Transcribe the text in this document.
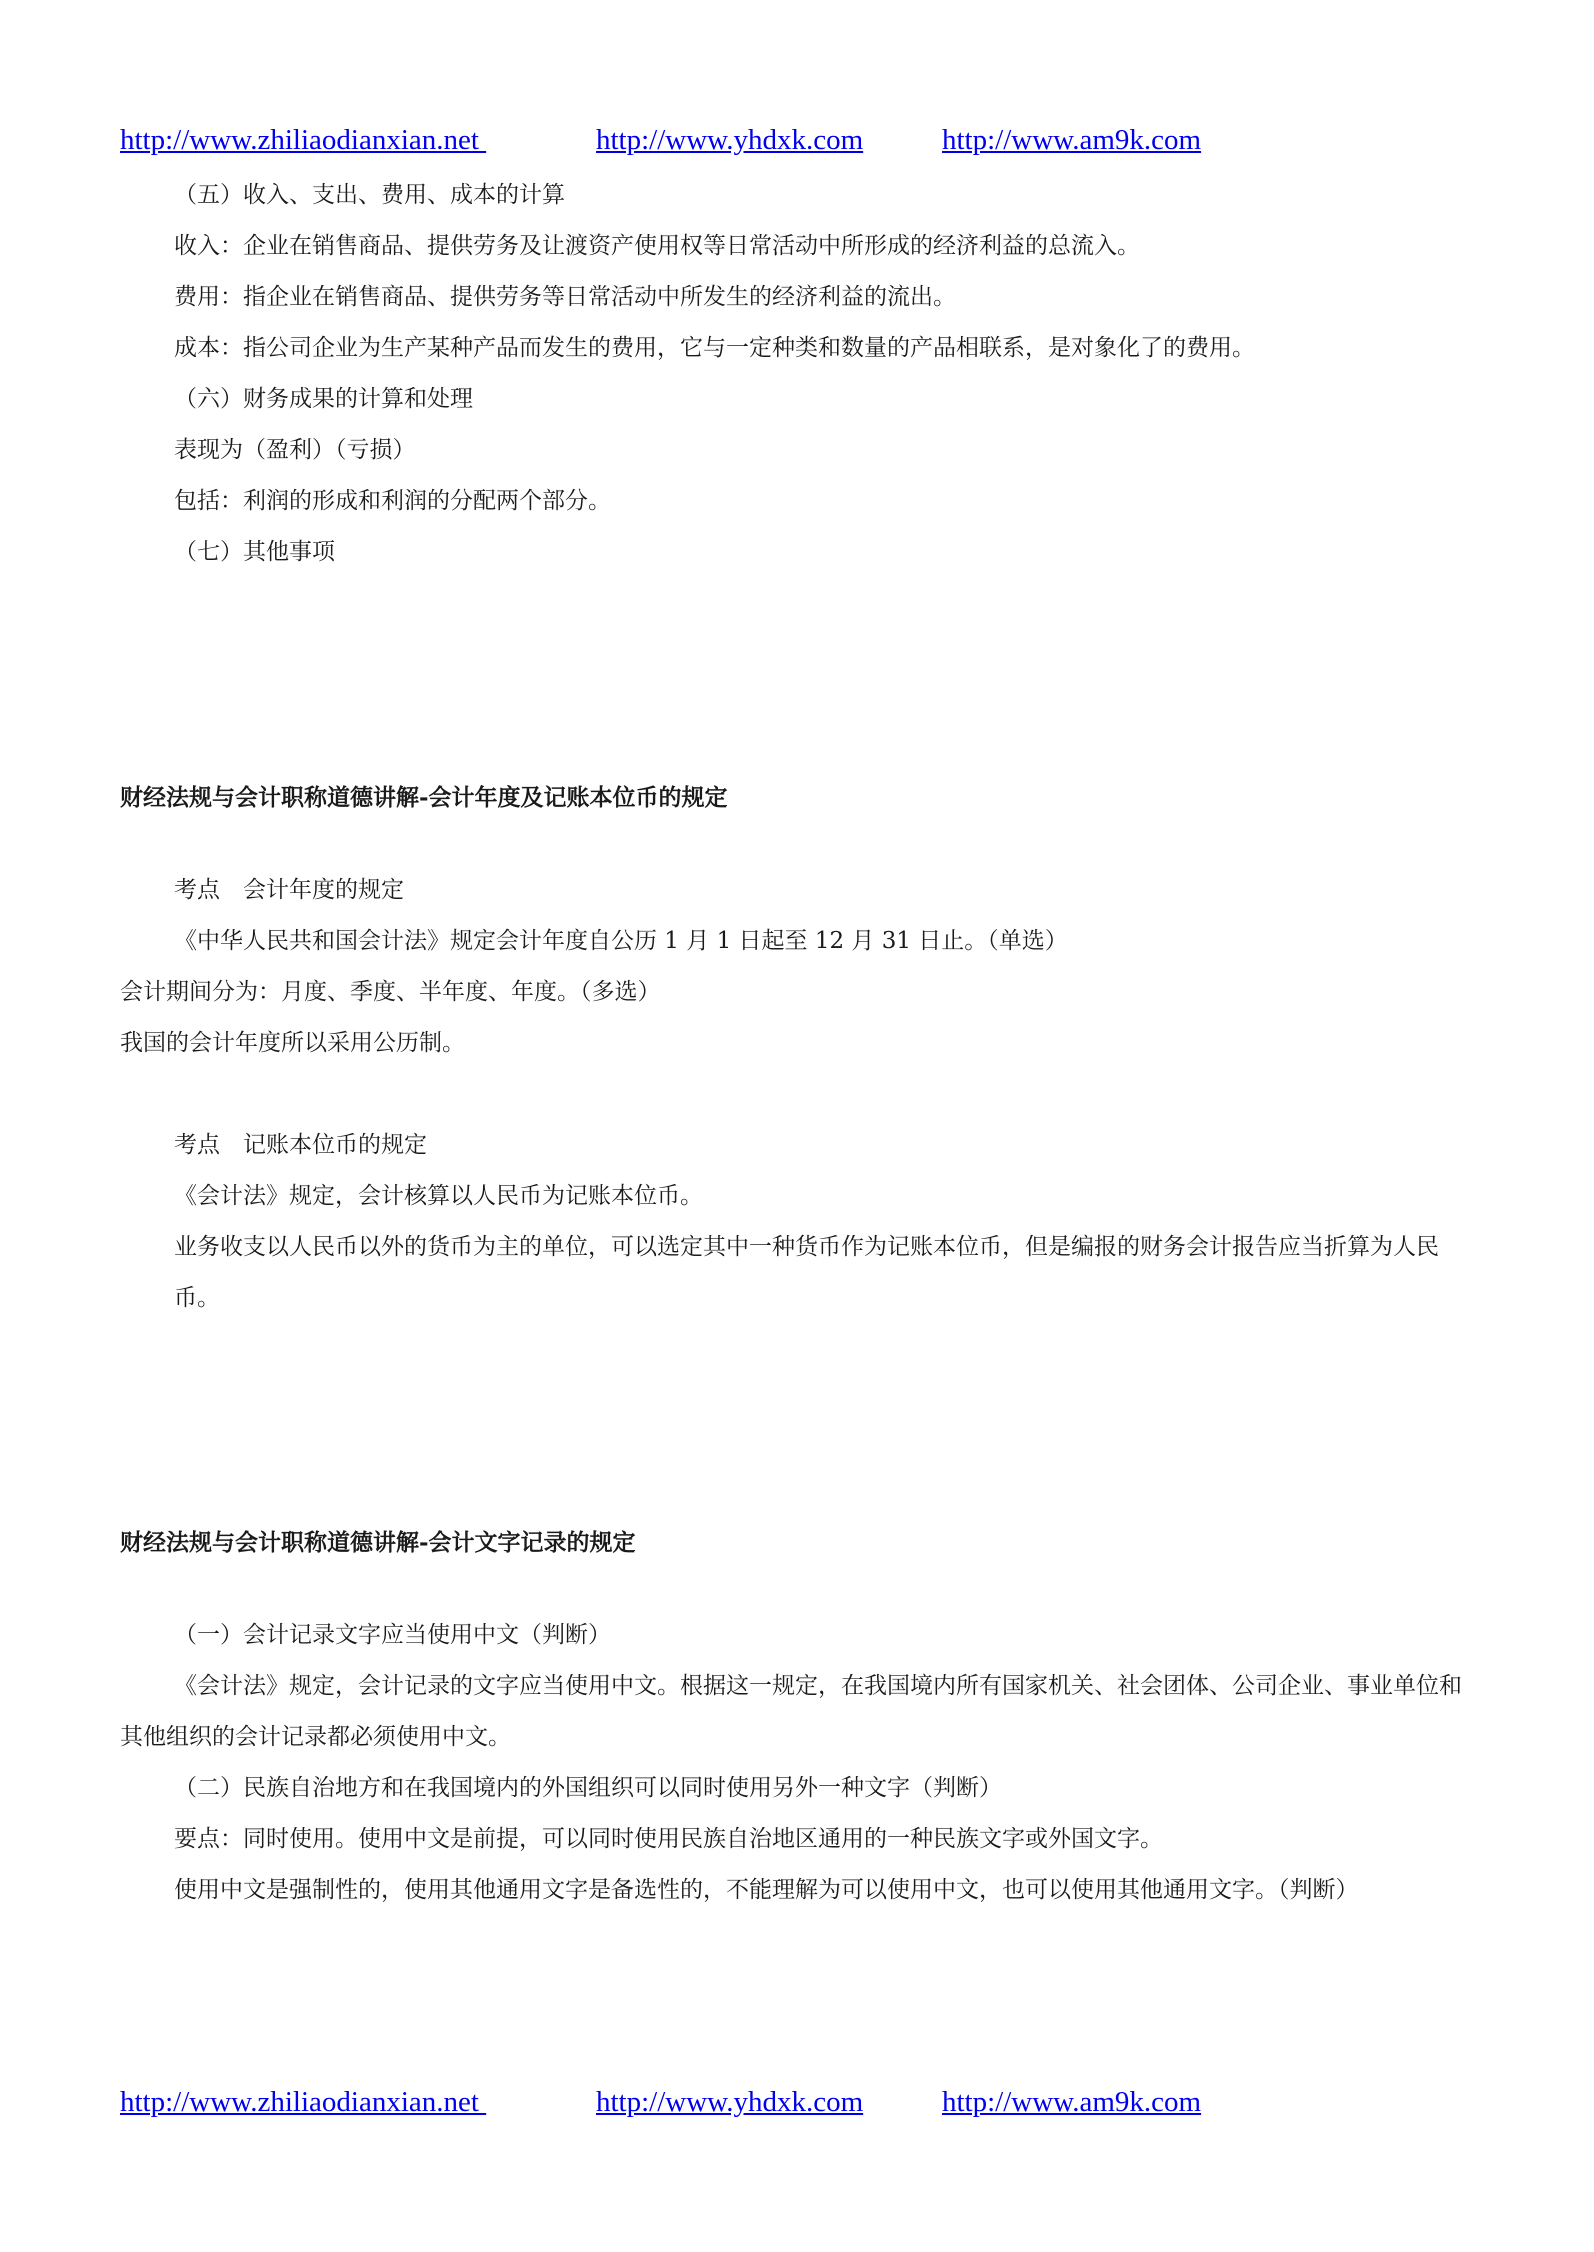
http://www.zhiliaodianxian.net	http://www.yhdxk.com	http://www.am9k.com
（五）收入、支出、费用、成本的计算
收入：企业在销售商品、提供劳务及让渡资产使用权等日常活动中所形成的经济利益的总流入。
费用：指企业在销售商品、提供劳务等日常活动中所发生的经济利益的流出。
成本：指公司企业为生产某种产品而发生的费用，它与一定种类和数量的产品相联系，是对象化了的费用。
（六）财务成果的计算和处理
表现为（盈利）（亏损）
包括：利润的形成和利润的分配两个部分。
（七）其他事项
财经法规与会计职称道德讲解-会计年度及记账本位币的规定
考点　会计年度的规定
《中华人民共和国会计法》规定会计年度自公历 1 月 1 日起至 12 月 31 日止。（单选）
会计期间分为：月度、季度、半年度、年度。（多选）
我国的会计年度所以采用公历制。
考点　记账本位币的规定
《会计法》规定，会计核算以人民币为记账本位币。
业务收支以人民币以外的货币为主的单位，可以选定其中一种货币作为记账本位币，但是编报的财务会计报告应当折算为人民币。
财经法规与会计职称道德讲解-会计文字记录的规定
（一）会计记录文字应当使用中文（判断）
《会计法》规定，会计记录的文字应当使用中文。根据这一规定，在我国境内所有国家机关、社会团体、公司企业、事业单位和其他组织的会计记录都必须使用中文。
（二）民族自治地方和在我国境内的外国组织可以同时使用另外一种文字（判断）
要点：同时使用。使用中文是前提，可以同时使用民族自治地区通用的一种民族文字或外国文字。
使用中文是强制性的，使用其他通用文字是备选性的，不能理解为可以使用中文，也可以使用其他通用文字。（判断）
http://www.zhiliaodianxian.net	http://www.yhdxk.com	http://www.am9k.com
